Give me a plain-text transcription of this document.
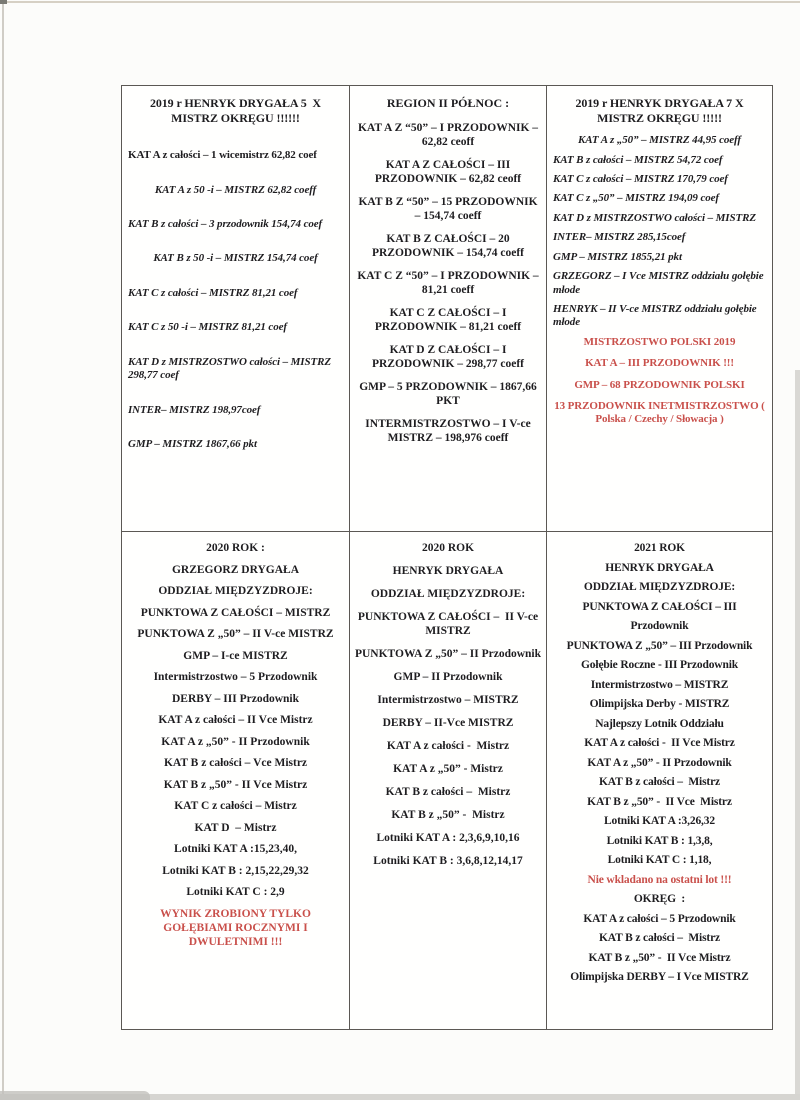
2019 r HENRYK DRYGAŁA 5  X MISTRZ OKRĘGU !!!!!!
KAT A z całości – 1 wicemistrz 62,82 coef
KAT A z 50 -i – MISTRZ 62,82 coeff
KAT B z całości – 3 przodownik 154,74 coef
KAT B z 50 -i – MISTRZ 154,74 coef
KAT C z całości – MISTRZ 81,21 coef
KAT C z 50 -i – MISTRZ 81,21 coef
KAT D z MISTRZOSTWO całości – MISTRZ 298,77 coef
INTER– MISTRZ 198,97coef
GMP – MISTRZ 1867,66 pkt
REGION II PÓŁNOC :
KAT A Z “50” – I PRZODOWNIK – 62,82 ceoff
KAT A Z CAŁOŚCI – III PRZODOWNIK – 62,82 ceoff
KAT B Z “50” – 15 PRZODOWNIK – 154,74 coeff
KAT B Z CAŁOŚCI – 20 PRZODOWNIK – 154,74 coeff
KAT C Z “50” – I PRZODOWNIK – 81,21 coeff
KAT C Z CAŁOŚCI – I PRZODOWNIK – 81,21 coeff
KAT D Z CAŁOŚCI – I PRZODOWNIK – 298,77 coeff
GMP – 5 PRZODOWNIK – 1867,66 PKT
INTERMISTRZOSTWO – I V-ce MISTRZ – 198,976 coeff
2019 r HENRYK DRYGAŁA 7 X MISTRZ OKRĘGU !!!!!
KAT A z „50” – MISTRZ 44,95 coeff
KAT B z całości – MISTRZ 54,72 coef
KAT C z całości – MISTRZ 170,79 coef
KAT C z „50” – MISTRZ 194,09 coef
KAT D z MISTRZOSTWO całości – MISTRZ
INTER– MISTRZ 285,15coef
GMP – MISTRZ 1855,21 pkt
GRZEGORZ – I Vce MISTRZ oddziału gołębie młode
HENRYK – II V-ce MISTRZ oddziału gołębie młode
MISTRZOSTWO POLSKI 2019
KAT A – III PRZODOWNIK !!!
GMP – 68 PRZODOWNIK POLSKI
13 PRZODOWNIK INETMISTRZOSTWO ( Polska / Czechy / Słowacja )
2020 ROK :
GRZEGORZ DRYGAŁA
ODDZIAŁ MIĘDZYZDROJE:
PUNKTOWA Z CAŁOŚCI – MISTRZ
PUNKTOWA Z „50” – II V-ce MISTRZ
GMP – I-ce MISTRZ
Intermistrzostwo – 5 Przodownik
DERBY – III Przodownik
KAT A z całości – II Vce Mistrz
KAT A z „50” - II Przodownik
KAT B z całości – Vce Mistrz
KAT B z „50” - II Vce Mistrz
KAT C z całości – Mistrz
KAT D  – Mistrz
Lotniki KAT A :15,23,40,
Lotniki KAT B : 2,15,22,29,32
Lotniki KAT C : 2,9
WYNIK ZROBIONY TYLKO GOŁĘBIAMI ROCZNYMI I DWULETNIMI !!!
2020 ROK
HENRYK DRYGAŁA
ODDZIAŁ MIĘDZYZDROJE:
PUNKTOWA Z CAŁOŚCI –  II V-ce MISTRZ
PUNKTOWA Z „50” – II Przodownik
GMP – II Przodownik
Intermistrzostwo – MISTRZ
DERBY – II-Vce MISTRZ
KAT A z całości -  Mistrz
KAT A z „50” - Mistrz
KAT B z całości –  Mistrz
KAT B z „50” -  Mistrz
Lotniki KAT A : 2,3,6,9,10,16
Lotniki KAT B : 3,6,8,12,14,17
2021 ROK
HENRYK DRYGAŁA
ODDZIAŁ MIĘDZYZDROJE:
PUNKTOWA Z CAŁOŚCI – III
Przodownik
PUNKTOWA Z „50” – III Przodownik
Gołębie Roczne - III Przodownik
Intermistrzostwo – MISTRZ
Olimpijska Derby - MISTRZ
Najlepszy Lotnik Oddziału
KAT A z całości -  II Vce Mistrz
KAT A z „50” - II Przodownik
KAT B z całości –  Mistrz
KAT B z „50” -  II Vce  Mistrz
Lotniki KAT A :3,26,32
Lotniki KAT B : 1,3,8,
Lotniki KAT C : 1,18,
Nie wkladano na ostatni lot !!!
OKRĘG  :
KAT A z całości – 5 Przodownik
KAT B z całości –  Mistrz
KAT B z „50” -  II Vce Mistrz
Olimpijska DERBY – I Vce MISTRZ
